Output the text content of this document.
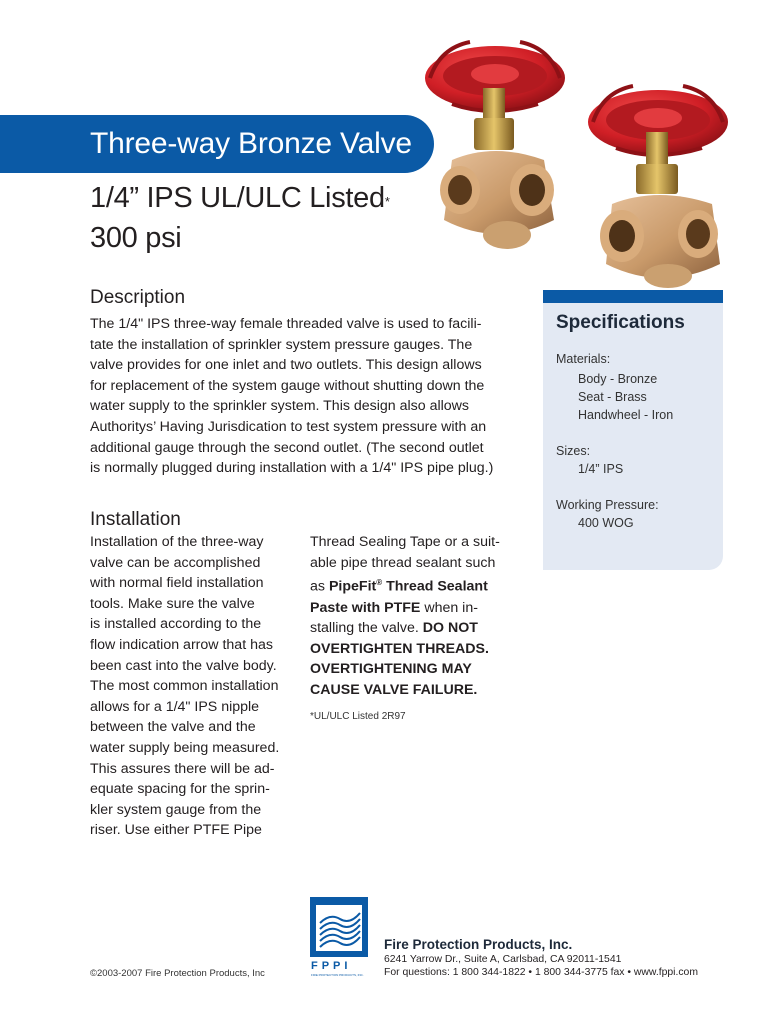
Three-way Bronze Valve
1/4” IPS UL/ULC Listed*
300 psi
Description
The 1/4" IPS three-way female threaded valve is used to facili-
tate the installation of sprinkler system pressure gauges. The
valve provides for one inlet and two outlets. This design allows
for replacement of the system gauge without shutting down the
water supply to the sprinkler system. This design also allows
Authoritys’ Having Jurisdication to test system pressure with an
additional gauge through the second outlet. (The second outlet
is normally plugged during installation with a 1/4" IPS pipe plug.)
Installation
Installation of the three-way
valve can be accomplished
with normal field installation
tools. Make sure the valve
is installed according to the
flow indication arrow that has
been cast into the valve body.
The most common installation
allows for a 1/4" IPS nipple
between the valve and the
water supply being measured.
This assures there will be ad-
equate spacing for the sprin-
kler system gauge from the
riser. Use either PTFE Pipe
Thread Sealing Tape or a suit-
able pipe thread sealant such
as PipeFit® Thread Sealant
Paste with PTFE when in-
stalling the valve. DO NOT
OVERTIGHTEN THREADS.
OVERTIGHTENING MAY
CAUSE VALVE FAILURE.
*UL/ULC Listed 2R97
Specifications
Materials:
Body - Bronze
Seat - Brass
Handwheel - Iron
Sizes:
1/4” IPS
Working Pressure:
400 WOG
FPPI
FIRE PROTECTION PRODUCTS, INC.
Fire Protection Products, Inc.
6241 Yarrow Dr., Suite A, Carlsbad, CA 92011-1541
For questions: 1 800 344-1822 • 1 800 344-3775 fax • www.fppi.com
©2003-2007 Fire Protection Products, Inc
